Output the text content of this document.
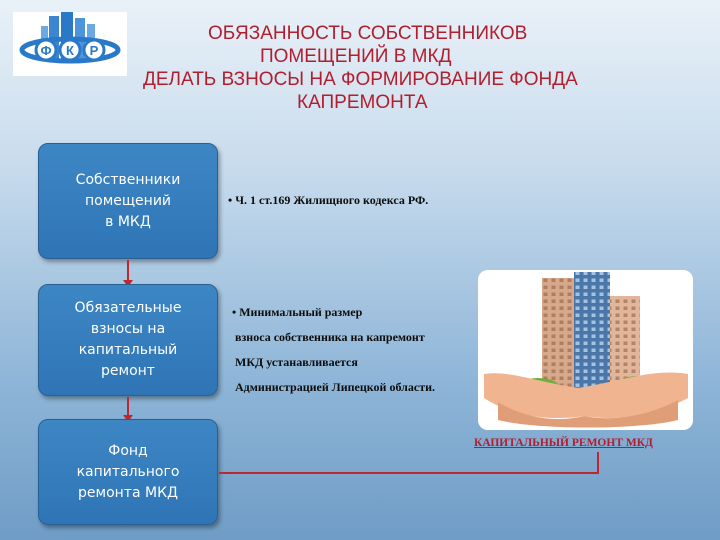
Ф К Р
ОБЯЗАННОСТЬ СОБСТВЕННИКОВ
ПОМЕЩЕНИЙ В МКД
ДЕЛАТЬ ВЗНОСЫ НА ФОРМИРОВАНИЕ ФОНДА
КАПРЕМОНТА
Собственники
помещений
в МКД
Обязательные
взносы на
капитальный
ремонт
Фонд
капитального
ремонта МКД
• Ч. 1 ст.169 Жилищного кодекса РФ.
• Минимальный размер
взноса собственника на капремонт
МКД устанавливается
Администрацией Липецкой области.
КАПИТАЛЬНЫЙ РЕМОНТ МКД
